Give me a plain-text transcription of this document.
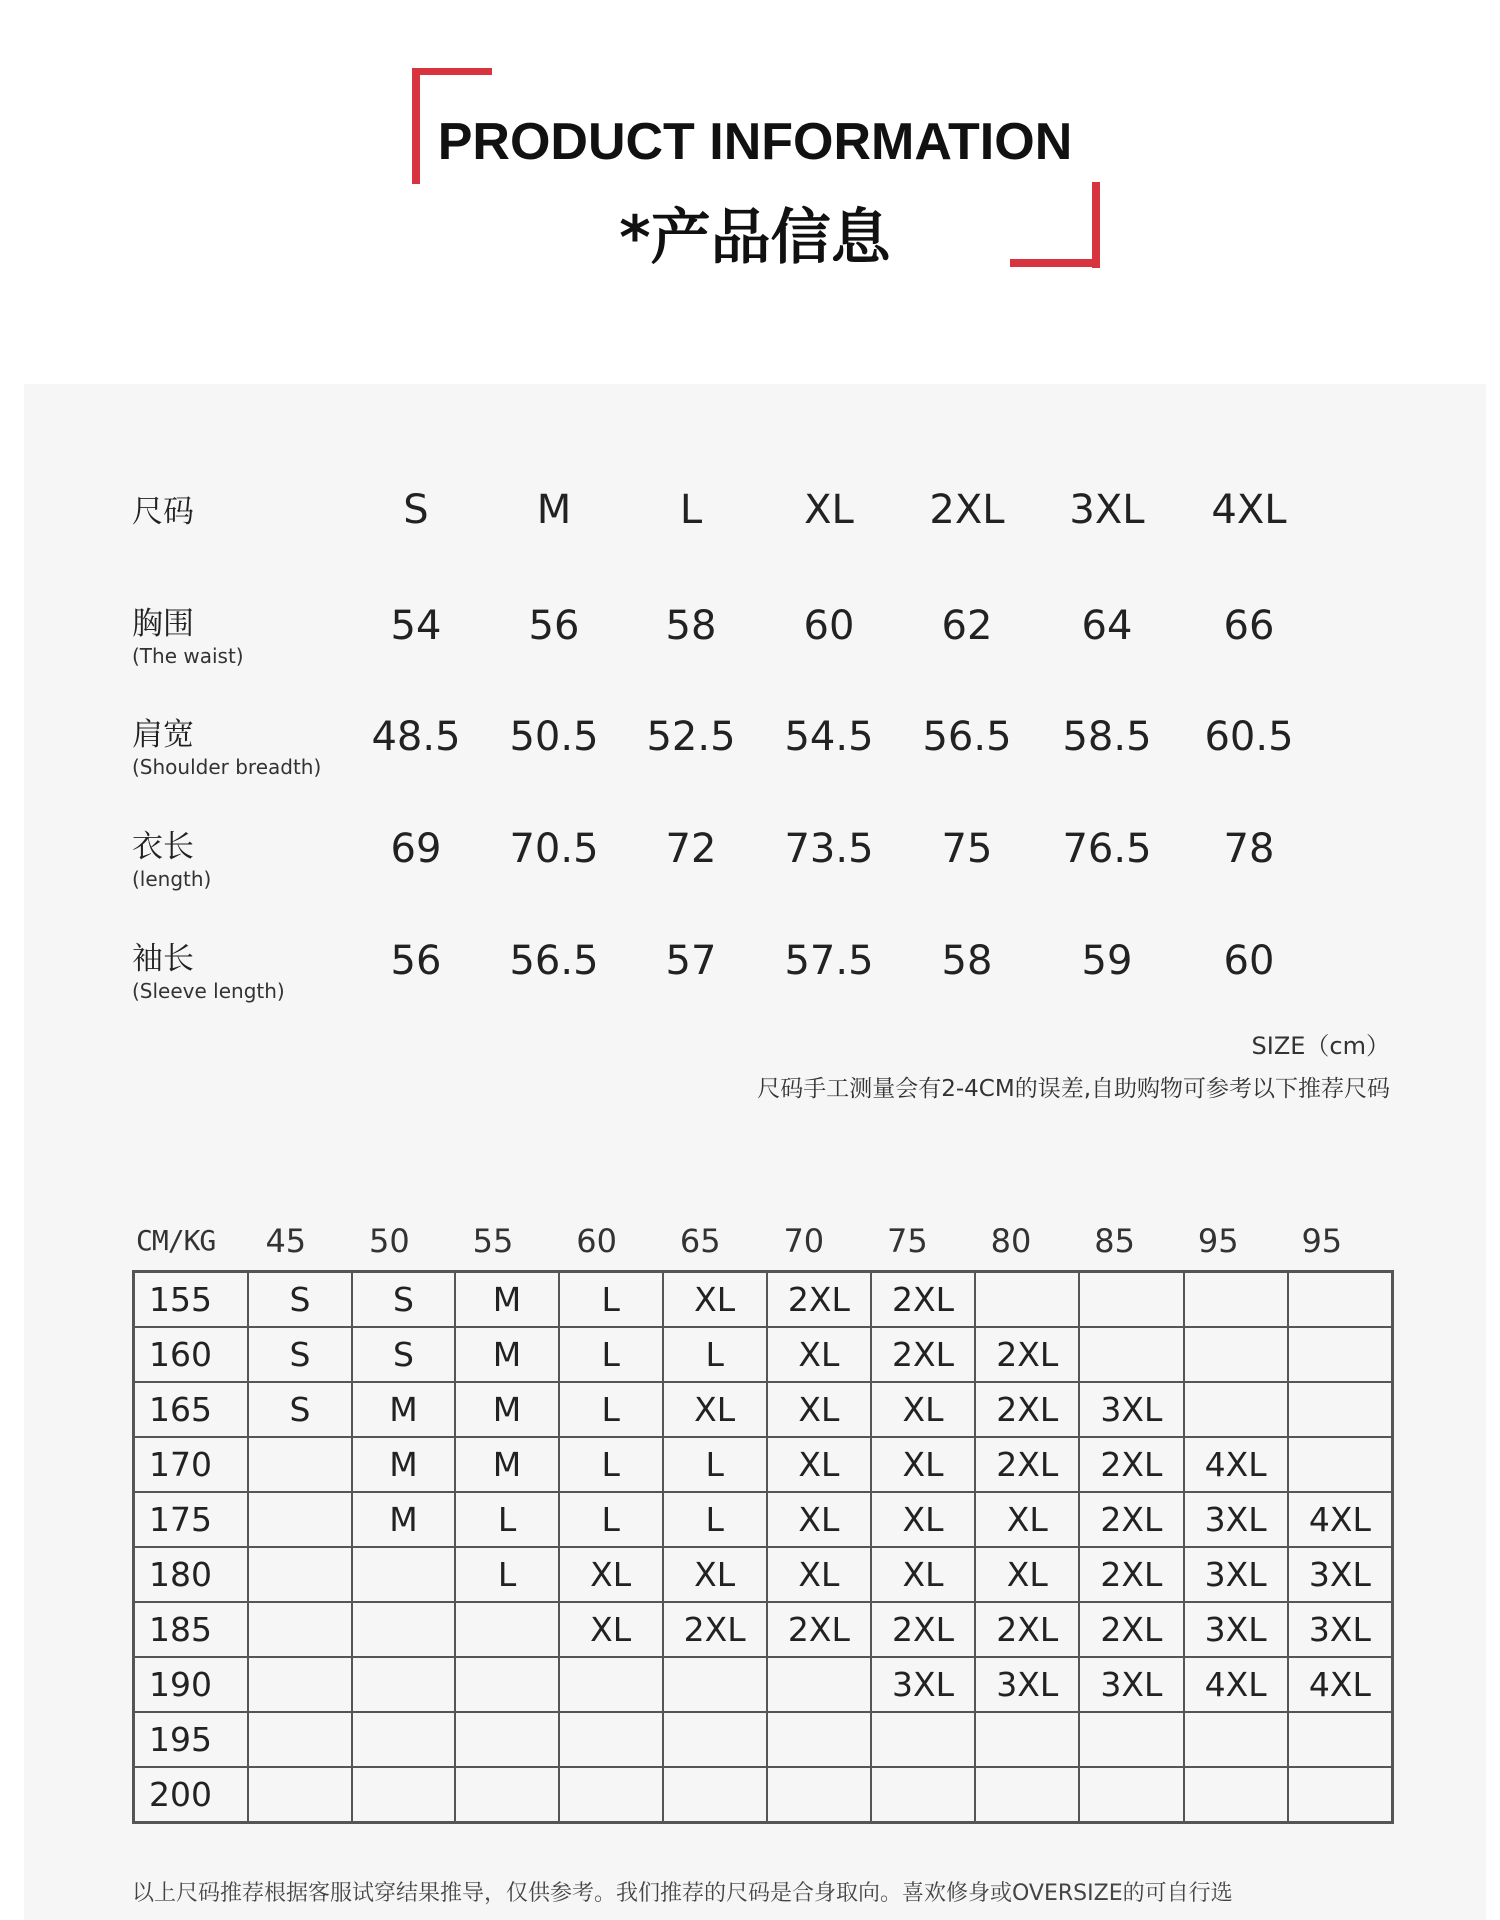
PRODUCT INFORMATION
*产品信息
尺码	S	M	L	XL	2XL	3XL	4XL
胸围
(The waist)
54	56	58	60	62	64	66
肩宽
(Shoulder breadth)
48.5	50.5	52.5	54.5	56.5	58.5	60.5
衣长
(length)
69	70.5	72	73.5	75	76.5	78
袖长
(Sleeve length)
56	56.5	57	57.5	58	59	60
SIZE（cm）
尺码手工测量会有2-4CM的误差,自助购物可参考以下推荐尺码
CM/KG	45	50	55	60	65	70	75	80	85	95	95
155	S	S	M	L	XL	2XL	2XL				
160	S	S	M	L	L	XL	2XL	2XL			
165	S	M	M	L	XL	XL	XL	2XL	3XL		
170		M	M	L	L	XL	XL	2XL	2XL	4XL	
175		M	L	L	L	XL	XL	XL	2XL	3XL	4XL
180			L	XL	XL	XL	XL	XL	2XL	3XL	3XL
185				XL	2XL	2XL	2XL	2XL	2XL	3XL	3XL
190							3XL	3XL	3XL	4XL	4XL
195											
200											
以上尺码推荐根据客服试穿结果推导，仅供参考。我们推荐的尺码是合身取向。喜欢修身或OVERSIZE的可自行选
